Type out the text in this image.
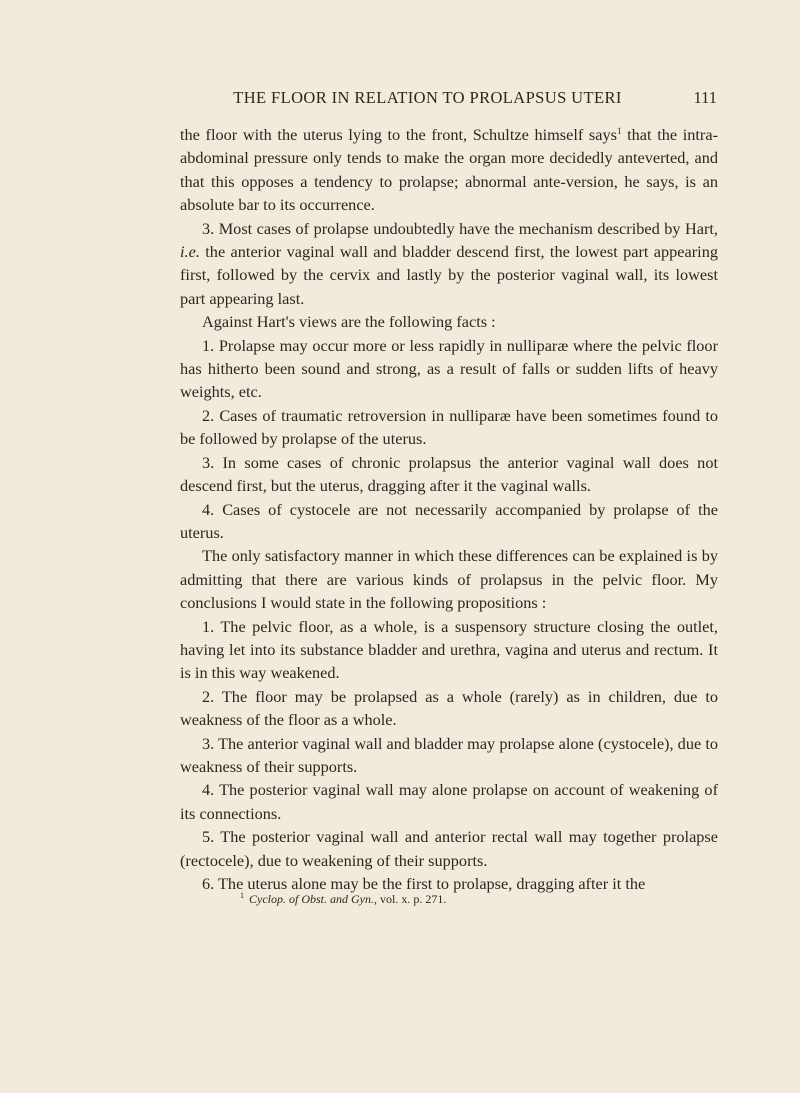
THE FLOOR IN RELATION TO PROLAPSUS UTERI	111

the floor with the uterus lying to the front, Schultze himself says$^1$ that the intra-abdominal pressure only tends to make the organ more decidedly anteverted, and that this opposes a tendency to prolapse; abnormal ante-version, he says, is an absolute bar to its occurrence.

3. Most cases of prolapse undoubtedly have the mechanism described by Hart, i.e. the anterior vaginal wall and bladder descend first, the lowest part appearing first, followed by the cervix and lastly by the posterior vaginal wall, its lowest part appearing last.

Against Hart's views are the following facts :

1. Prolapse may occur more or less rapidly in nulliparæ where the pelvic floor has hitherto been sound and strong, as a result of falls or sudden lifts of heavy weights, etc.

2. Cases of traumatic retroversion in nulliparæ have been sometimes found to be followed by prolapse of the uterus.

3. In some cases of chronic prolapsus the anterior vaginal wall does not descend first, but the uterus, dragging after it the vaginal walls.

4. Cases of cystocele are not necessarily accompanied by prolapse of the uterus.

The only satisfactory manner in which these differences can be explained is by admitting that there are various kinds of prolapsus in the pelvic floor. My conclusions I would state in the following propositions :

1. The pelvic floor, as a whole, is a suspensory structure closing the outlet, having let into its substance bladder and urethra, vagina and uterus and rectum. It is in this way weakened.

2. The floor may be prolapsed as a whole (rarely) as in children, due to weakness of the floor as a whole.

3. The anterior vaginal wall and bladder may prolapse alone (cystocele), due to weakness of their supports.

4. The posterior vaginal wall may alone prolapse on account of weakening of its connections.

5. The posterior vaginal wall and anterior rectal wall may together prolapse (rectocele), due to weakening of their supports.

6. The uterus alone may be the first to prolapse, dragging after it the

$^1$ Cyclop. of Obst. and Gyn., vol. x. p. 271.
